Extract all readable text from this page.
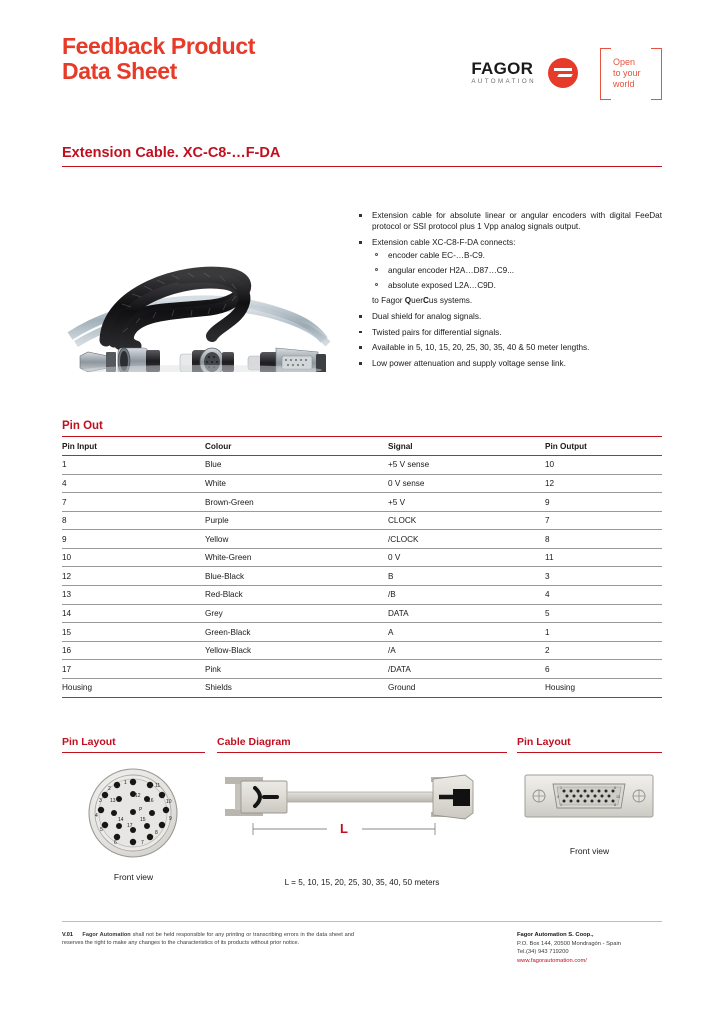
Feedback Product
Data Sheet	FAGOR
AUTOMATION
Open
to your
world
Extension Cable. XC-C8-…F-DA
Extension cable for absolute linear or angular encoders with digital FeeDat protocol or SSI protocol plus 1 Vpp analog signals output.
Extension cable XC-C8-F-DA connects:
encoder cable EC-…B-C9.
angular encoder H2A…D87…C9...
absolute exposed L2A…C9D.
to Fagor QuerCus systems.
Dual shield for analog signals.
Twisted pairs for differential signals.
Available in 5, 10, 15, 20, 25, 30, 35, 40 & 50 meter lengths.
Low power attenuation and supply voltage sense link.
Pin Out
Pin Input	Colour	Signal	Pin Output
1	Blue	+5 V sense	10
4	White	0 V sense	12
7	Brown-Green	+5 V	9
8	Purple	CLOCK	7
9	Yellow	/CLOCK	8
10	White-Green	0 V	11
12	Blue-Black	B	3
13	Red-Black	/B	4
14	Grey	DATA	5
15	Green-Black	A	1
16	Yellow-Black	/A	2
17	Pink	/DATA	6
Housing	Shields	Ground	Housing
Pin Layout
1
2
3
4
5
6	7
8
9
10
11
12
13
14	15
16
17
P
Front view
Cable Diagram
L
L = 5, 10, 15, 20, 25, 30, 35, 40, 50 meters
Pin Layout
1	8
9	15
1	8
Front view
V.01 Fagor Automation shall not be held responsible for any printing or transcribing errors in the data sheet and reserves the right to make any changes to the characteristics of its products without prior notice.
Fagor Automation S. Coop.,
P.O. Box 144, 20500 Mondragón - Spain
Tel.(34) 943 719200
www.fagorautomation.com/
